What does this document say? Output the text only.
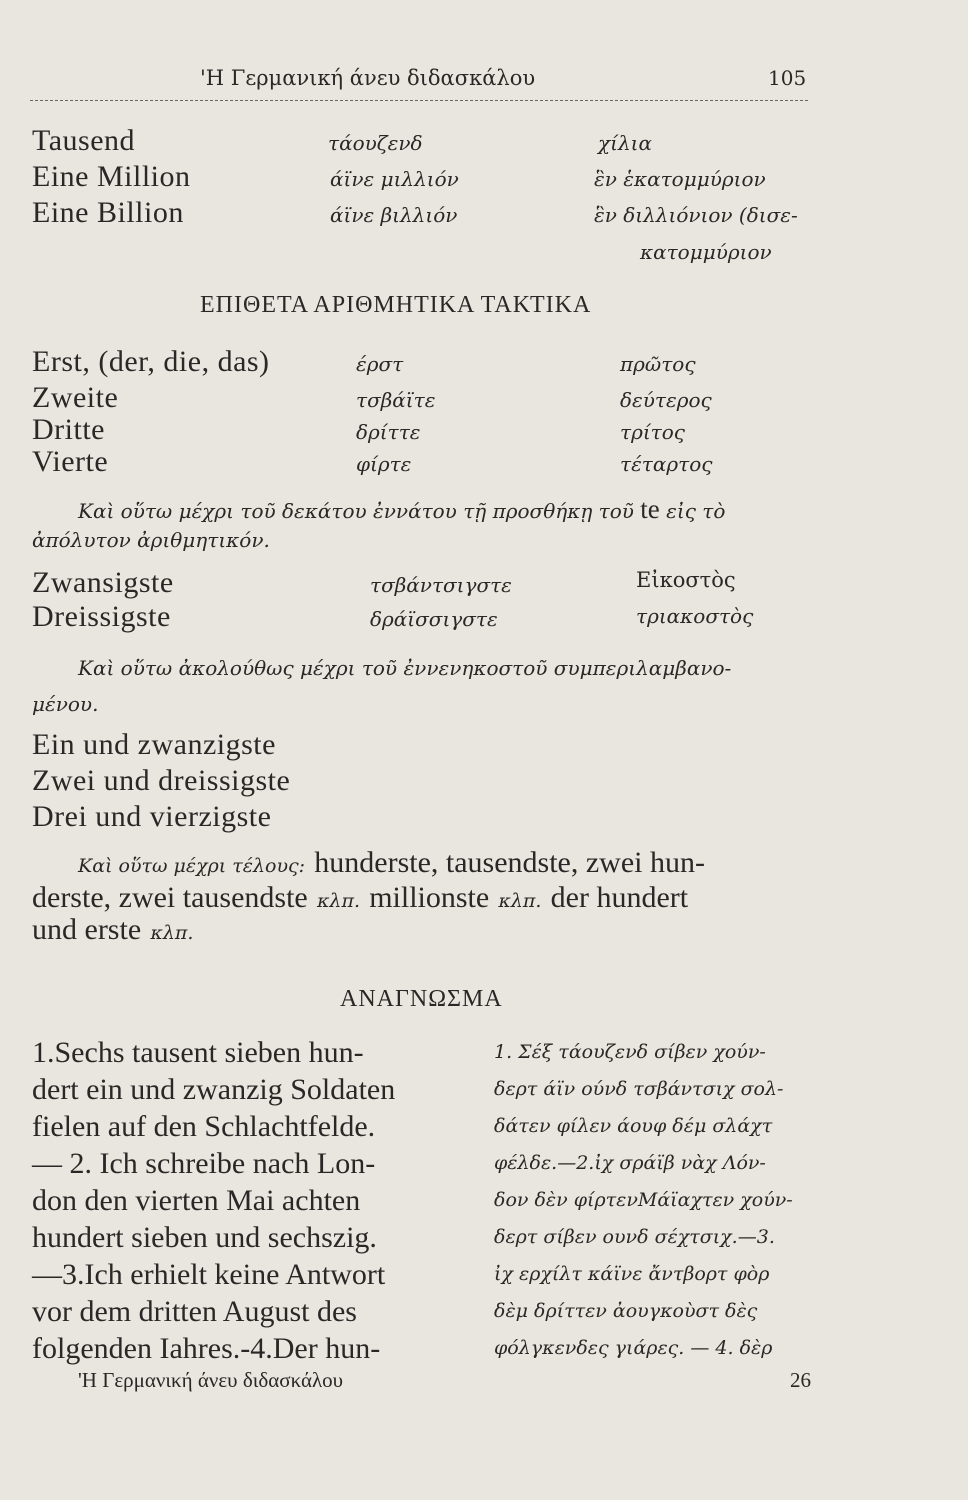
'Η Γερμανική άνευ διδασκάλου	105
Tausend	τάουζενδ	χίλια
Eine Million	άϊνε μιλλιόν	ἓν ἑκατομμύριον
Eine Billion	άϊνε βιλλιόν	ἓν διλλιόνιον (δισε-
κατομμύριον
ΕΠΙΘΕΤΑ ΑΡΙΘΜΗΤΙΚΑ ΤΑΚΤΙΚΑ
Erst, (der, die, das)	έρστ	πρῶτος
Zweite	τσβάϊτε	δεύτερος
Dritte	δρίττε	τρίτος
Vierte	φίρτε	τέταρτος
Καὶ οὕτω μέχρι τοῦ δεκάτου ἐννάτου τῇ προσθήκῃ τοῦ te εἰς τὸ
ἀπόλυτον ἀριθμητικόν.
Zwansigste	τσβάντσιγστε	Εἰκοστὸς
Dreissigste	δράϊσσιγστε	τριακοστὸς
Καὶ οὕτω ἀκολούθως μέχρι τοῦ ἐννενηκοστοῦ συμπεριλαμβανο-
μένου.
Ein und zwanzigste
Zwei und dreissigste
Drei und vierzigste
Καὶ οὕτω μέχρι τέλους: hunderste, tausendste, zwei hun-
derste, zwei tausendste κλπ. millionste κλπ. der hundert
und erste κλπ.
ΑΝΑΓΝΩΣΜΑ
1.Sechs tausent sieben hun-
dert ein und zwanzig Soldaten
fielen auf den Schlachtfelde.
— 2. Ich schreibe nach Lon-
don den vierten Mai achten
hundert sieben und sechszig.
—3.Ich erhielt keine Antwort
vor dem dritten August des
folgenden Iahres.-4.Der hun-
1. Σέξ τάουζενδ σίβεν χούν-
δερτ άϊν ούνδ τσβάντσιχ σολ-
δάτεν φίλεν άουφ δέμ σλάχτ
φέλδε.—2.ἰχ σράϊβ νὰχ Λόν-
δον δὲν φίρτενΜάϊαχτεν χούν-
δερτ σίβεν ουνδ σέχτσιχ.—3.
ἰχ ερχίλτ κάϊνε ἄντβορτ φὸρ
δὲμ δρίττεν ἀουγκοὺστ δὲς
φόλγκενδες γιάρες. — 4. δὲρ
'Η Γερμανική άνευ διδασκάλου	26
